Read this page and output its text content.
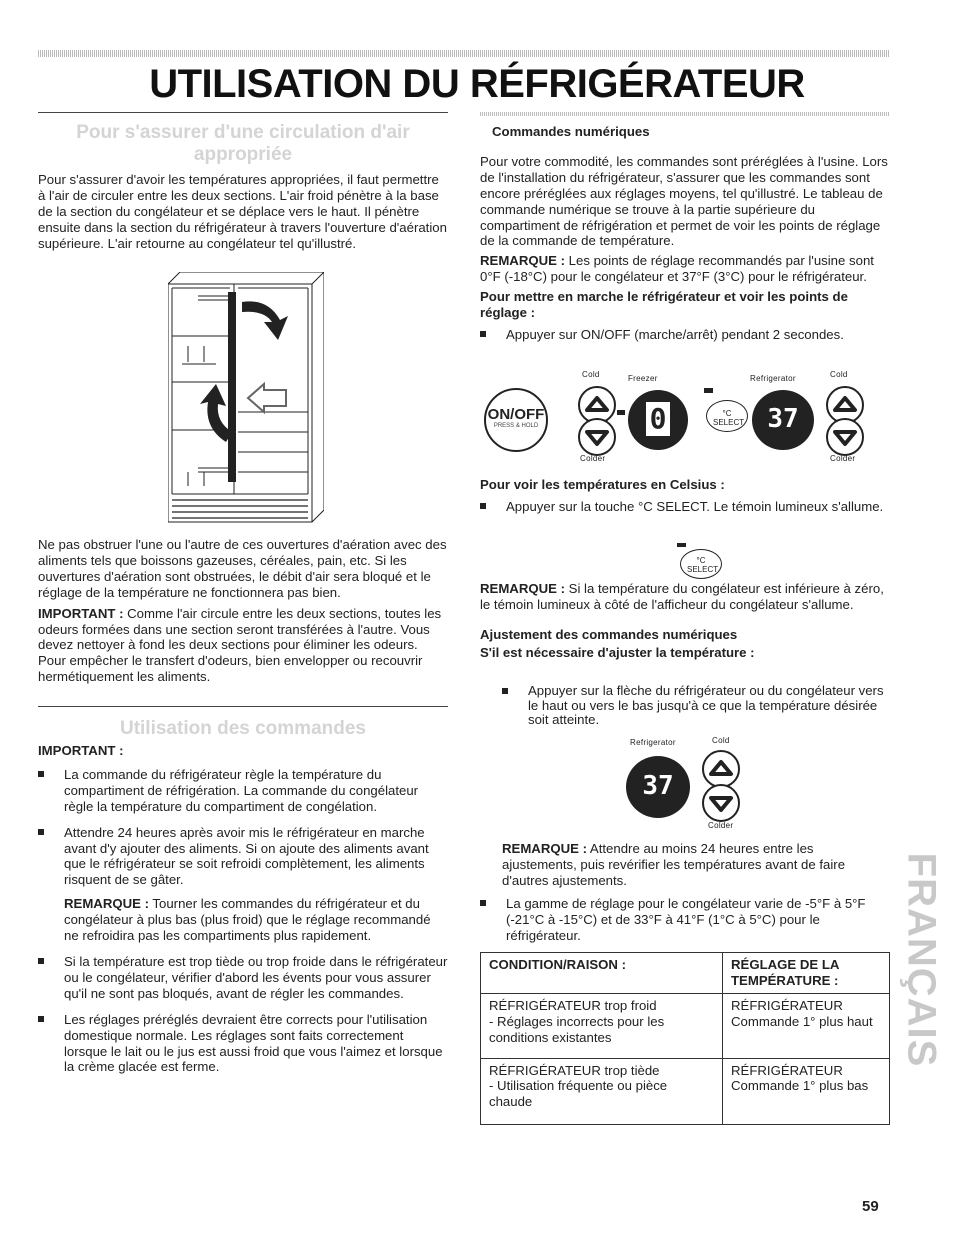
UTILISATION DU RÉFRIGÉRATEUR

Pour s'assurer d'une circulation d'air appropriée

Pour s'assurer d'avoir les températures appropriées, il faut permettre à l'air de circuler entre les deux sections. L'air froid pénètre à la base de la section du congélateur et se déplace vers le haut. Il pénètre ensuite dans la section du réfrigérateur à travers l'ouverture d'aération supérieure. L'air retourne au congélateur tel qu'illustré.

Ne pas obstruer l'une ou l'autre de ces ouvertures d'aération avec des aliments tels que boissons gazeuses, céréales, pain, etc. Si les ouvertures d'aération sont obstruées, le débit d'air sera bloqué et le réglage de la température ne fonctionnera pas bien.

IMPORTANT : Comme l'air circule entre les deux sections, toutes les odeurs formées dans une section seront transférées à l'autre. Vous devez nettoyer à fond les deux sections pour éliminer les odeurs. Pour empêcher le transfert d'odeurs, bien envelopper ou recouvrir hermétiquement les aliments.

Utilisation des commandes

IMPORTANT :

La commande du réfrigérateur règle la température du compartiment de réfrigération. La commande du congélateur règle la température du compartiment de congélation.
Attendre 24 heures après avoir mis le réfrigérateur en marche avant d'y ajouter des aliments. Si on ajoute des aliments avant que le réfrigérateur se soit refroidi complètement, les aliments risquent de se gâter.

REMARQUE : Tourner les commandes du réfrigérateur et du congélateur à plus bas (plus froid) que le réglage recommandé ne refroidira pas les compartiments plus rapidement.

Si la température est trop tiède ou trop froide dans le réfrigérateur ou le congélateur, vérifier d'abord les évents pour vous assurer qu'il ne sont pas bloqués, avant de régler les commandes.
Les réglages préréglés devraient être corrects pour l'utilisation domestique normale. Les réglages sont faits correctement lorsque le lait ou le jus est aussi froid que vous l'aimez et lorsque la crème glacée est ferme.

Commandes numériques

Pour votre commodité, les commandes sont préréglées à l'usine. Lors de l'installation du réfrigérateur, s'assurer que les commandes sont encore préréglées aux réglages moyens, tel qu'illustré. Le tableau de commande numérique se trouve à la partie supérieure du compartiment de réfrigération et permet de voir les points de réglage de la commande de température.

REMARQUE : Les points de réglage recommandés par l'usine sont 0°F (-18°C) pour le congélateur et 37°F (3°C) pour le réfrigérateur.

Pour mettre en marche le réfrigérateur et voir les points de réglage :

Appuyer sur ON/OFF (marche/arrêt) pendant 2 secondes.
Cold	Freezer	Refrigerator	Cold
ON/OFF
PRESS & HOLD	0	°C SELECT 37
Colder	Colder

Pour voir les températures en Celsius :

Appuyer sur la touche °C SELECT. Le témoin lumineux s'allume.
°C SELECT

REMARQUE : Si la température du congélateur est inférieure à zéro, le témoin lumineux à côté de l'afficheur du congélateur s'allume.

Ajustement des commandes numériques

S'il est nécessaire d'ajuster la température :

Appuyer sur la flèche du réfrigérateur ou du congélateur vers le haut ou vers le bas jusqu'à ce que la température désirée soit atteinte.
Refrigerator	Cold
37
Colder

REMARQUE : Attendre au moins 24 heures entre les ajustements, puis revérifier les températures avant de faire d'autres ajustements.

La gamme de réglage pour le congélateur varie de -5°F à 5°F (-21°C à -15°C) et de 33°F à 41°F (1°C à 5°C) pour le réfrigérateur.
CONDITION/RAISON :	RÉGLAGE DE LA TEMPÉRATURE :
RÉFRIGÉRATEUR trop froid
- Réglages incorrects pour les conditions existantes	RÉFRIGÉRATEUR
Commande 1° plus haut
RÉFRIGÉRATEUR trop tiède
- Utilisation fréquente ou pièce chaude	RÉFRIGÉRATEUR
Commande 1° plus bas
FRANÇAIS
59
